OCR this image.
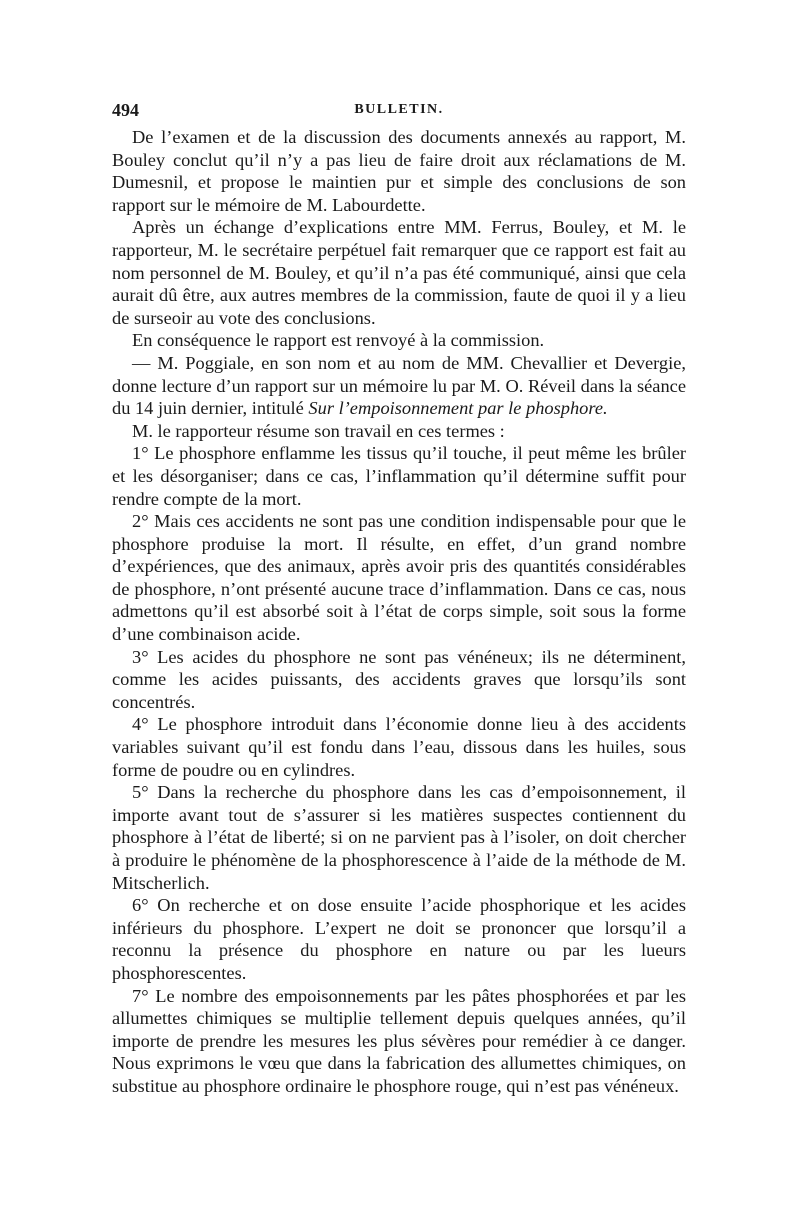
494	BULLETIN.

De l’examen et de la discussion des documents annexés au rapport, M. Bouley conclut qu’il n’y a pas lieu de faire droit aux réclamations de M. Dumesnil, et propose le maintien pur et simple des conclusions de son rapport sur le mémoire de M. Labourdette.

Après un échange d’explications entre MM. Ferrus, Bouley, et M. le rapporteur, M. le secrétaire perpétuel fait remarquer que ce rapport est fait au nom personnel de M. Bouley, et qu’il n’a pas été communiqué, ainsi que cela aurait dû être, aux autres membres de la commission, faute de quoi il y a lieu de surseoir au vote des conclusions.

En conséquence le rapport est renvoyé à la commission.

— M. Poggiale, en son nom et au nom de MM. Chevallier et Devergie, donne lecture d’un rapport sur un mémoire lu par M. O. Réveil dans la séance du 14 juin dernier, intitulé Sur l’empoisonnement par le phosphore.

M. le rapporteur résume son travail en ces termes :

1° Le phosphore enflamme les tissus qu’il touche, il peut même les brûler et les désorganiser; dans ce cas, l’inflammation qu’il détermine suffit pour rendre compte de la mort.

2° Mais ces accidents ne sont pas une condition indispensable pour que le phosphore produise la mort. Il résulte, en effet, d’un grand nombre d’expériences, que des animaux, après avoir pris des quantités considérables de phosphore, n’ont présenté aucune trace d’inflammation. Dans ce cas, nous admettons qu’il est absorbé soit à l’état de corps simple, soit sous la forme d’une combinaison acide.

3° Les acides du phosphore ne sont pas vénéneux; ils ne déterminent, comme les acides puissants, des accidents graves que lorsqu’ils sont concentrés.

4° Le phosphore introduit dans l’économie donne lieu à des accidents variables suivant qu’il est fondu dans l’eau, dissous dans les huiles, sous forme de poudre ou en cylindres.

5° Dans la recherche du phosphore dans les cas d’empoisonnement, il importe avant tout de s’assurer si les matières suspectes contiennent du phosphore à l’état de liberté; si on ne parvient pas à l’isoler, on doit chercher à produire le phénomène de la phosphorescence à l’aide de la méthode de M. Mitscherlich.

6° On recherche et on dose ensuite l’acide phosphorique et les acides inférieurs du phosphore. L’expert ne doit se prononcer que lorsqu’il a reconnu la présence du phosphore en nature ou par les lueurs phosphorescentes.

7° Le nombre des empoisonnements par les pâtes phosphorées et par les allumettes chimiques se multiplie tellement depuis quelques années, qu’il importe de prendre les mesures les plus sévères pour remédier à ce danger. Nous exprimons le vœu que dans la fabrication des allumettes chimiques, on substitue au phosphore ordinaire le phosphore rouge, qui n’est pas vénéneux.
